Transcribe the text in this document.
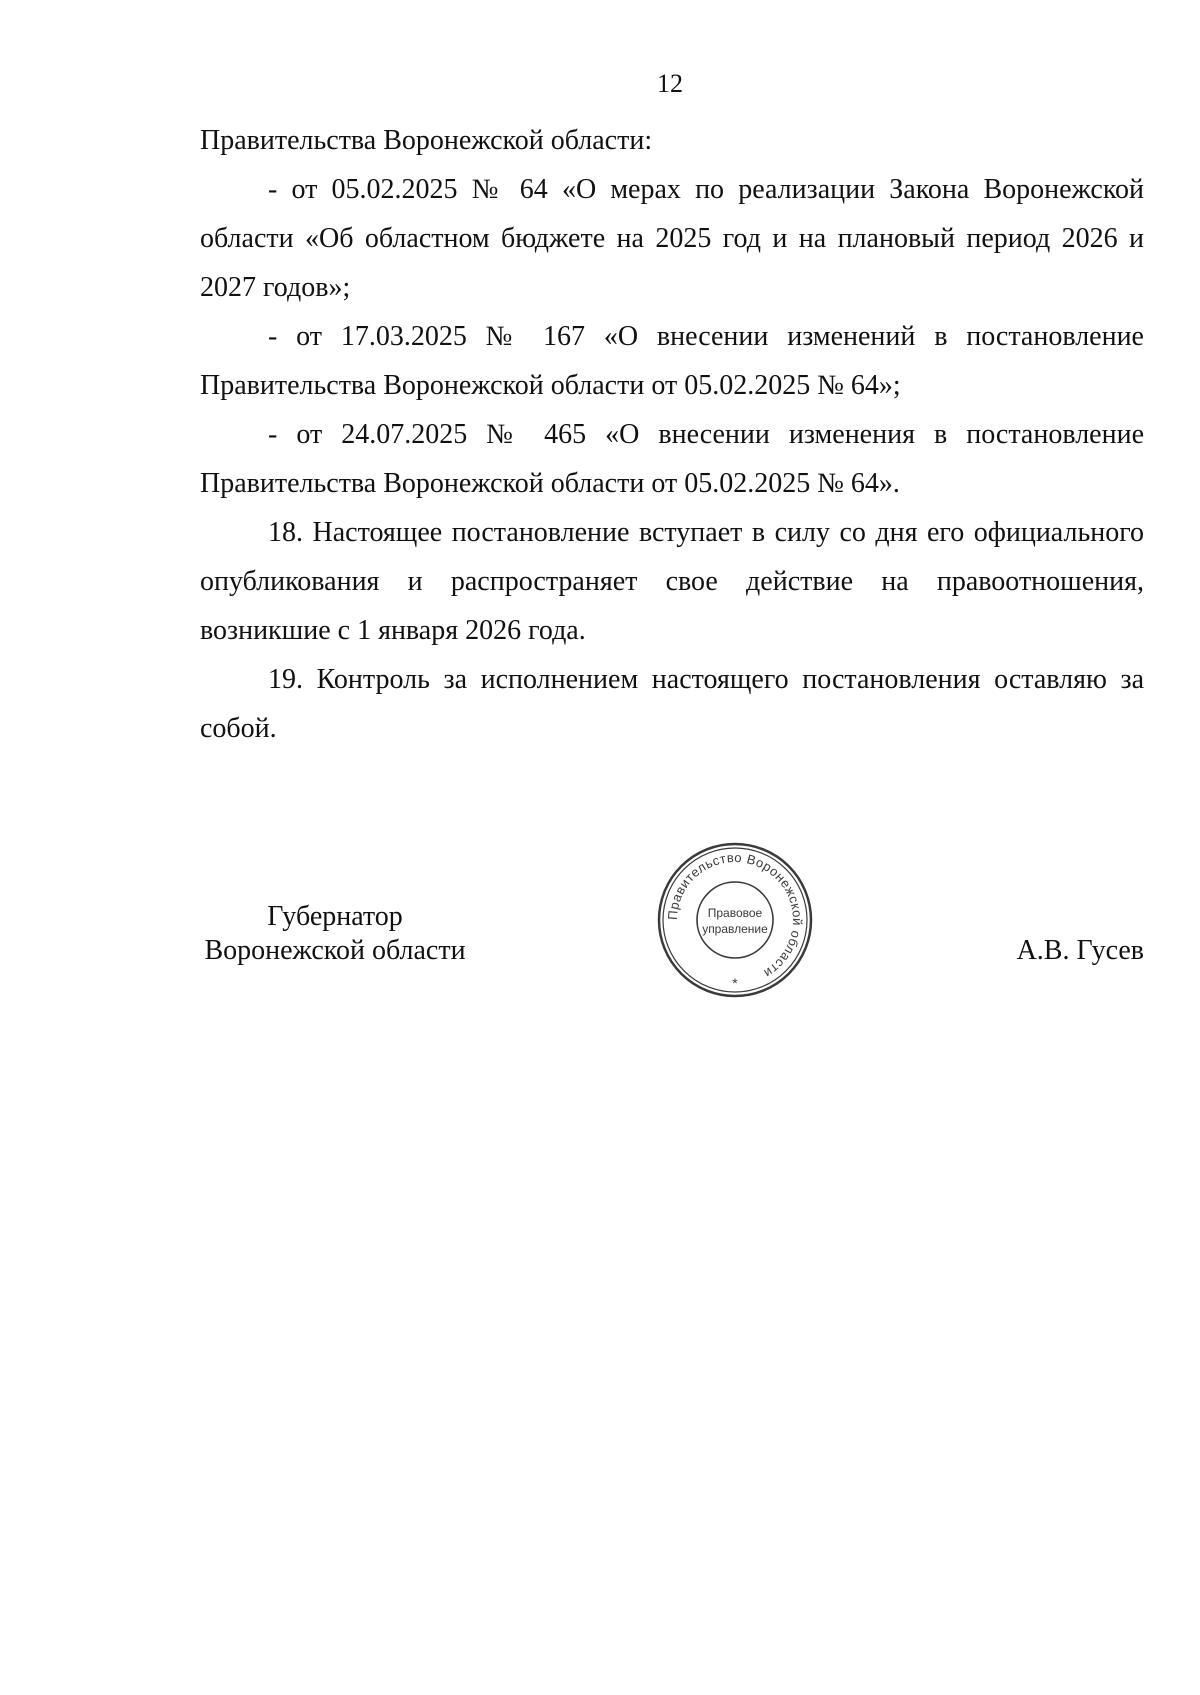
12

Правительства Воронежской области:

- от 05.02.2025 № 64 «О мерах по реализации Закона Воронежской области «Об областном бюджете на 2025 год и на плановый период 2026 и 2027 годов»;

- от 17.03.2025 № 167 «О внесении изменений в постановление Правительства Воронежской области от 05.02.2025 № 64»;

- от 24.07.2025 № 465 «О внесении изменения в постановление Правительства Воронежской области от 05.02.2025 № 64».

18. Настоящее постановление вступает в силу со дня его официального опубликования и распространяет свое действие на правоотношения, возникшие с 1 января 2026 года.

19. Контроль за исполнением настоящего постановления оставляю за собой.

Губернатор
Воронежской области	А.В. Гусев
Правительство Воронежской области
Правовое
управление
*
